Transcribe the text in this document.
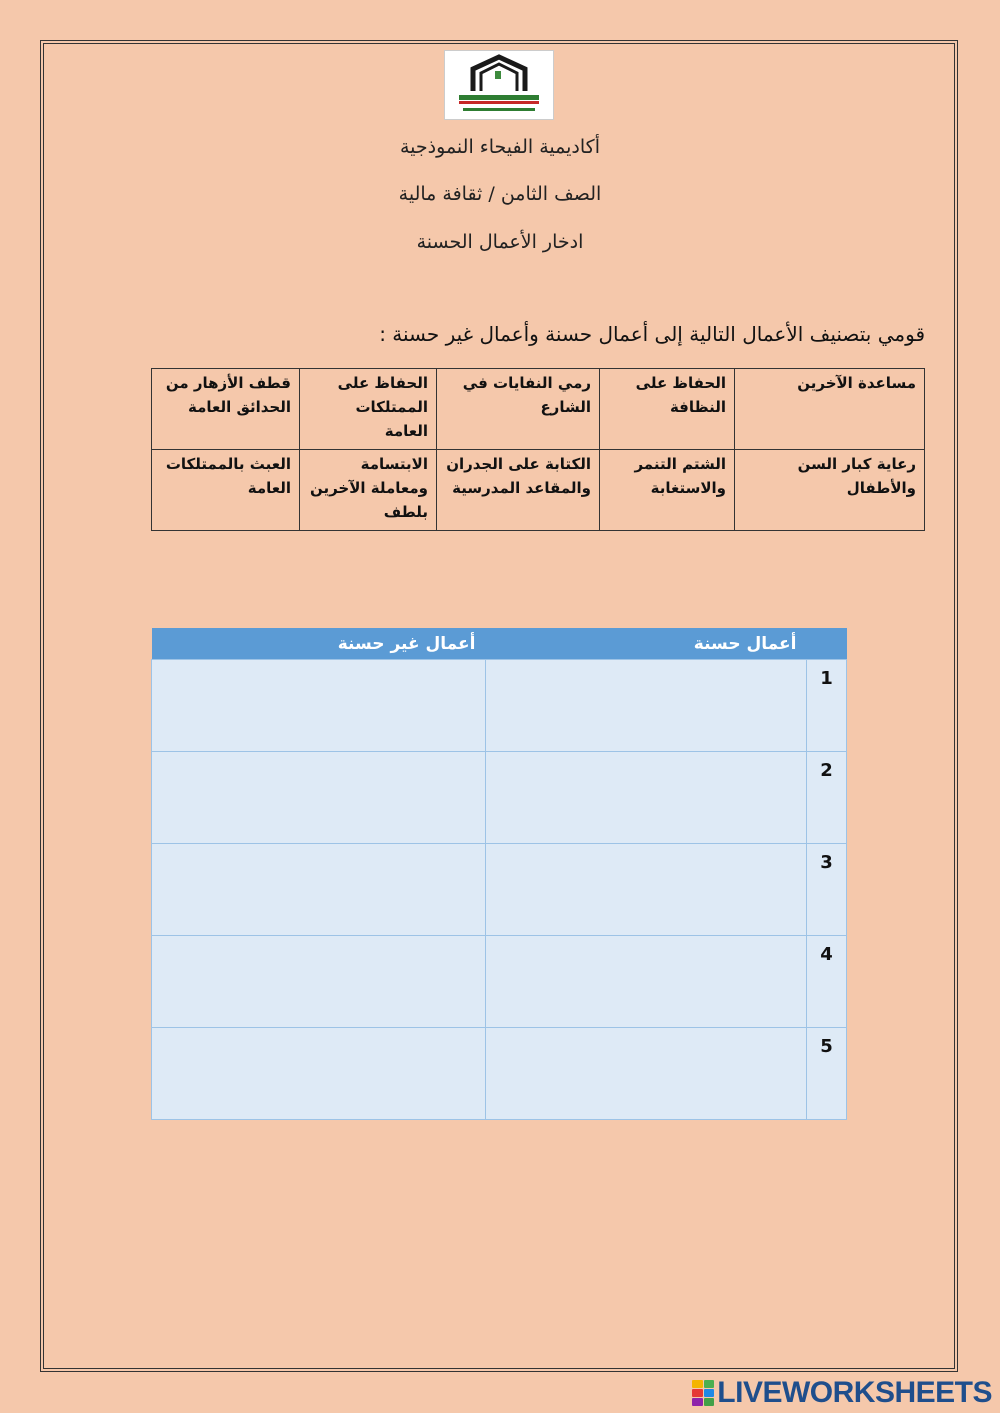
أكاديمية الفيحاء النموذجية
الصف الثامن / ثقافة مالية
ادخار الأعمال الحسنة
قومي بتصنيف الأعمال التالية إلى أعمال حسنة وأعمال غير حسنة :
مساعدة الآخرين	الحفاظ على النظافة	رمي النفايات في الشارع	الحفاظ على الممتلكات العامة	قطف الأزهار من الحدائق العامة
رعاية كبار السن والأطفال	الشتم التنمر والاستغابة	الكتابة على الجدران والمقاعد المدرسية	الابتسامة ومعاملة الآخرين بلطف	العبث بالممتلكات العامة
أعمال حسنة		أعمال غير حسنة
1		
2		
3		
4		
5		
LIVEWORKSHEETS
